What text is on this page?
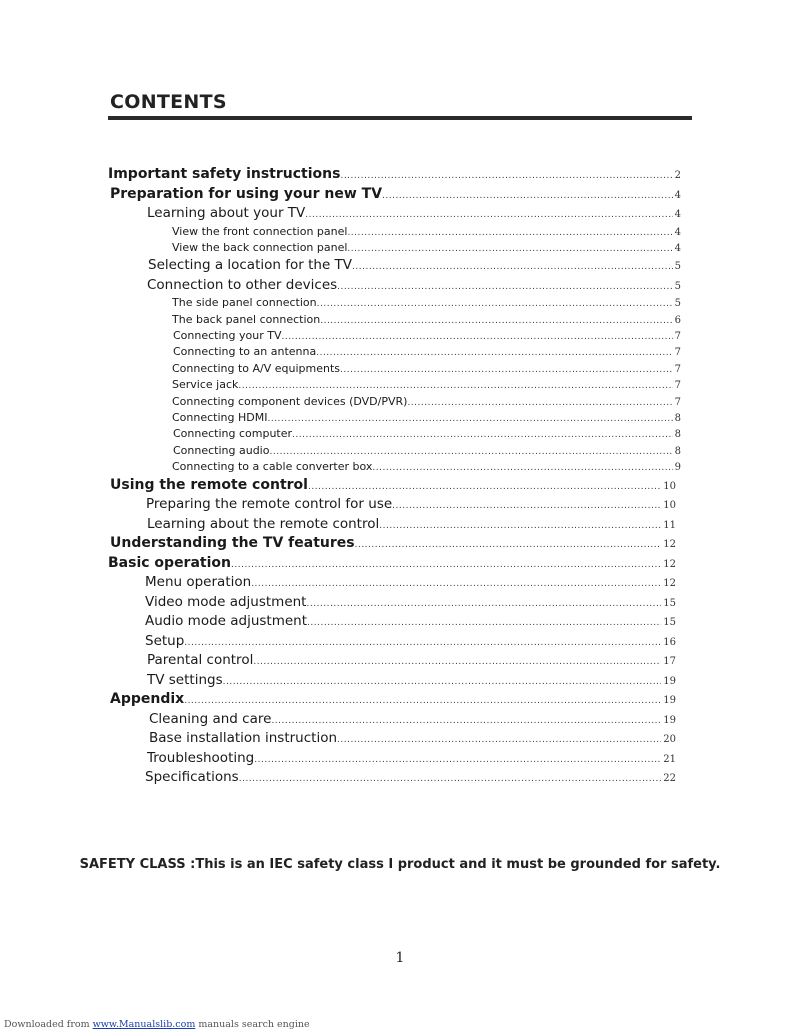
CONTENTS
Important safety instructions .....	2
Preparation for using your new TV .....	4
Learning about your TV .....	4
View the front connection panel .....	4
View the back connection panel .....	4
Selecting a location for the TV .....	5
Connection to other devices .....	5
The side panel connection .....	5
The back panel connection .....	6
Connecting your TV .....	7
Connecting to an antenna .....	7
Connecting to A/V equipments .....	7
Service jack .....	7
Connecting component devices (DVD/PVR) .....	7
Connecting HDMI .....	8
Connecting computer .....	8
Connecting audio .....	8
Connecting to a cable converter box .....	9
Using the remote control .....	10
Preparing the remote control for use .....	10
Learning about the remote control .....	11
Understanding the TV features .....	12
Basic operation .....	12
Menu operation .....	12
Video mode adjustment .....	15
Audio mode adjustment .....	15
Setup .....	16
Parental control .....	17
TV settings .....	19
Appendix .....	19
Cleaning and care .....	19
Base installation instruction .....	20
Troubleshooting .....	21
Specifications .....	22
SAFETY CLASS :This is an IEC safety class I product and it must be grounded for safety.
1
Downloaded from www.Manualslib.com manuals search engine
